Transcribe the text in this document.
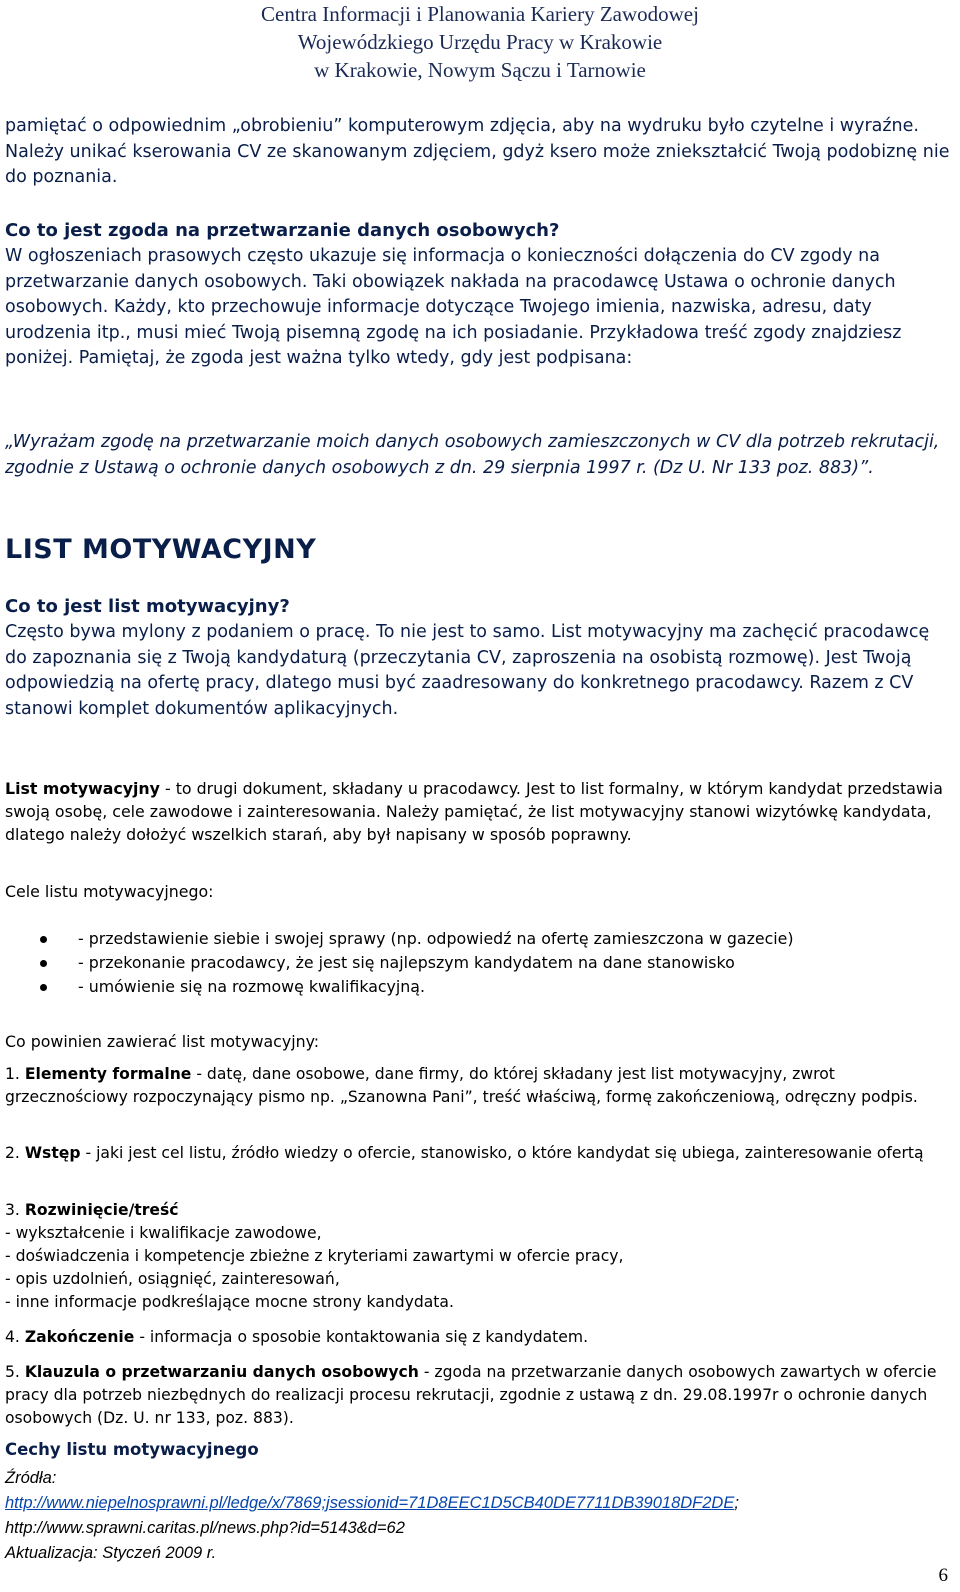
Centra Informacji i Planowania Kariery Zawodowej
Wojewódzkiego Urzędu Pracy w Krakowie
w Krakowie, Nowym Sączu i Tarnowie

pamiętać o odpowiednim „obrobieniu” komputerowym zdjęcia, aby na wydruku było czytelne i wyraźne. Należy unikać kserowania CV ze skanowanym zdjęciem, gdyż ksero może zniekształcić Twoją podobiznę nie do poznania.

Co to jest zgoda na przetwarzanie danych osobowych?

W ogłoszeniach prasowych często ukazuje się informacja o konieczności dołączenia do CV zgody na przetwarzanie danych osobowych. Taki obowiązek nakłada na pracodawcę Ustawa o ochronie danych osobowych. Każdy, kto przechowuje informacje dotyczące Twojego imienia, nazwiska, adresu, daty urodzenia itp., musi mieć Twoją pisemną zgodę na ich posiadanie. Przykładowa treść zgody znajdziesz poniżej. Pamiętaj, że zgoda jest ważna tylko wtedy, gdy jest podpisana:

„Wyrażam zgodę na przetwarzanie moich danych osobowych zamieszczonych w CV dla potrzeb rekrutacji, zgodnie z Ustawą o ochronie danych osobowych z dn. 29 sierpnia 1997 r. (Dz U. Nr 133 poz. 883)”.

LIST MOTYWACYJNY
Co to jest list motywacyjny?

Często bywa mylony z podaniem o pracę. To nie jest to samo. List motywacyjny ma zachęcić pracodawcę do zapoznania się z Twoją kandydaturą (przeczytania CV, zaproszenia na osobistą rozmowę). Jest Twoją odpowiedzią na ofertę pracy, dlatego musi być zaadresowany do konkretnego pracodawcy. Razem z CV stanowi komplet dokumentów aplikacyjnych.

List motywacyjny - to drugi dokument, składany u pracodawcy. Jest to list formalny, w którym kandydat przedstawia swoją osobę, cele zawodowe i zainteresowania. Należy pamiętać, że list motywacyjny stanowi wizytówkę kandydata, dlatego należy dołożyć wszelkich starań, aby był napisany w sposób poprawny.

Cele listu motywacyjnego:
- przedstawienie siebie i swojej sprawy (np. odpowiedź na ofertę zamieszczona w gazecie)
- przekonanie pracodawcy, że jest się najlepszym kandydatem na dane stanowisko
- umówienie się na rozmowę kwalifikacyjną.
Co powinien zawierać list motywacyjny:

1. Elementy formalne - datę, dane osobowe, dane firmy, do której składany jest list motywacyjny, zwrot grzecznościowy rozpoczynający pismo np. „Szanowna Pani”, treść właściwą, formę zakończeniową, odręczny podpis.

2. Wstęp - jaki jest cel listu, źródło wiedzy o ofercie, stanowisko, o które kandydat się ubiega, zainteresowanie ofertą

3. Rozwinięcie/treść
- wykształcenie i kwalifikacje zawodowe,
- doświadczenia i kompetencje zbieżne z kryteriami zawartymi w ofercie pracy,
- opis uzdolnień, osiągnięć, zainteresowań,
- inne informacje podkreślające mocne strony kandydata.

4. Zakończenie - informacja o sposobie kontaktowania się z kandydatem.

5. Klauzula o przetwarzaniu danych osobowych - zgoda na przetwarzanie danych osobowych zawartych w ofercie pracy dla potrzeb niezbędnych do realizacji procesu rekrutacji, zgodnie z ustawą z dn. 29.08.1997r o ochronie danych osobowych (Dz. U. nr 133, poz. 883).

Cechy listu motywacyjnego
Źródła:
http://www.niepelnosprawni.pl/ledge/x/7869;jsessionid=71D8EEC1D5CB40DE7711DB39018DF2DE;
http://www.sprawni.caritas.pl/news.php?id=5143&d=62
Aktualizacja: Styczeń 2009 r.
6
